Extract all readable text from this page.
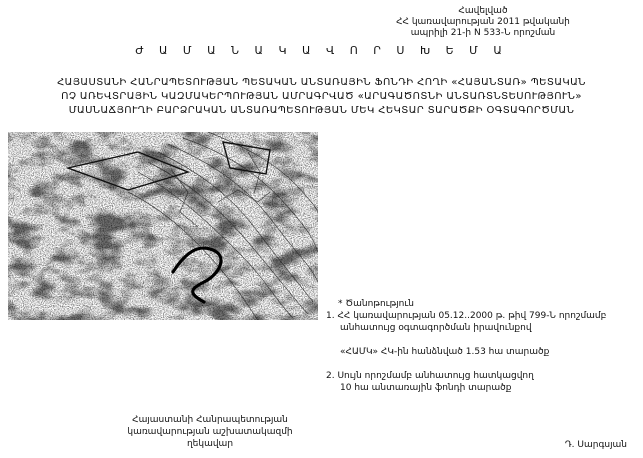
Հավելված
ՀՀ կառավարության 2011 թվականի
ապրիլի 21-ի N 533-Ն որոշման
Ժ Ա Մ Ա Ն Ա Կ Ա Վ Ո Ր Ս Խ Ե Մ Ա
ՀԱՅԱՍՏԱՆԻ ՀԱՆՐԱՊԵՏՈՒԹՅԱՆ ՊԵՏԱԿԱՆ ԱՆՏԱՌԱՅԻՆ ՖՈՆԴԻ ՀՈՂԻ «ՀԱՅԱՆՏԱՌ» ՊԵՏԱԿԱՆ
ՈՉ ԱՌԵՎՏՐԱՅԻՆ ԿԱԶՄԱԿԵՐՊՈՒԹՅԱՆ ԱՄՐԱԳՐՎԱԾ «ԱՐԱԳԱԾՈՏՆԻ ԱՆՏԱՌՏՆՏԵՍՈՒԹՅՈՒՆ»
ՄԱՍՆԱՃՅՈՒՂԻ ԲԱՐՁՐԱԿԱՆ ԱՆՏԱՌԱՊԵՏՈՒԹՅԱՆ ՄԵԿ ՀԵԿՏԱՐ ՏԱՐԱԾՔԻ ՕԳՏԱԳՈՐԾՄԱՆ
* Ծանոթություն
1. ՀՀ կառավարության 05.12..2000 թ. թիվ 799-Ն որոշմամբ
անհատույց օգտագործման իրավունքով
«ՀԱՄԿ» ՀԿ-ին հանձնված 1.53 հա տարածք
2. Սույն որոշմամբ անհատույց հատկացվող
10 հա անտառային ֆոնդի տարածք
Հայաստանի Հանրապետության
կառավարության աշխատակազմի
ղեկավար	Դ. Սարգսյան
